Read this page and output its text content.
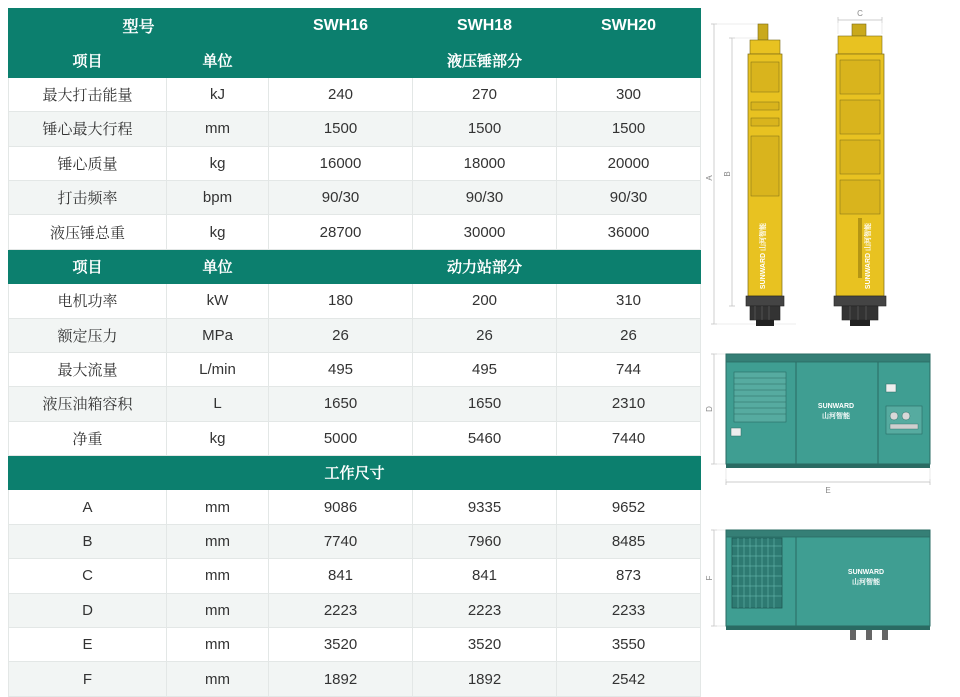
型号		SWH16	SWH18	SWH20
项目	单位	液压锤部分		
最大打击能量	kJ	240	270	300
锤心最大行程	mm	1500	1500	1500
锤心质量	kg	16000	18000	20000
打击频率	bpm	90/30	90/30	90/30
液压锤总重	kg	28700	30000	36000
项目	单位	动力站部分		
电机功率	kW	180	200	310
额定压力	MPa	26	26	26
最大流量	L/min	495	495	744
液压油箱容积	L	1650	1650	2310
净重	kg	5000	5460	7440
工作尺寸				
A	mm	9086	9335	9652
B	mm	7740	7960	8485
C	mm	841	841	873
D	mm	2223	2223	2233
E	mm	3520	3520	3550
F	mm	1892	1892	2542
A
B
SUNWARD 山河智能
C
SUNWARD 山河智能
D
E
SUNWARD
山河智能
F
SUNWARD
山河智能
